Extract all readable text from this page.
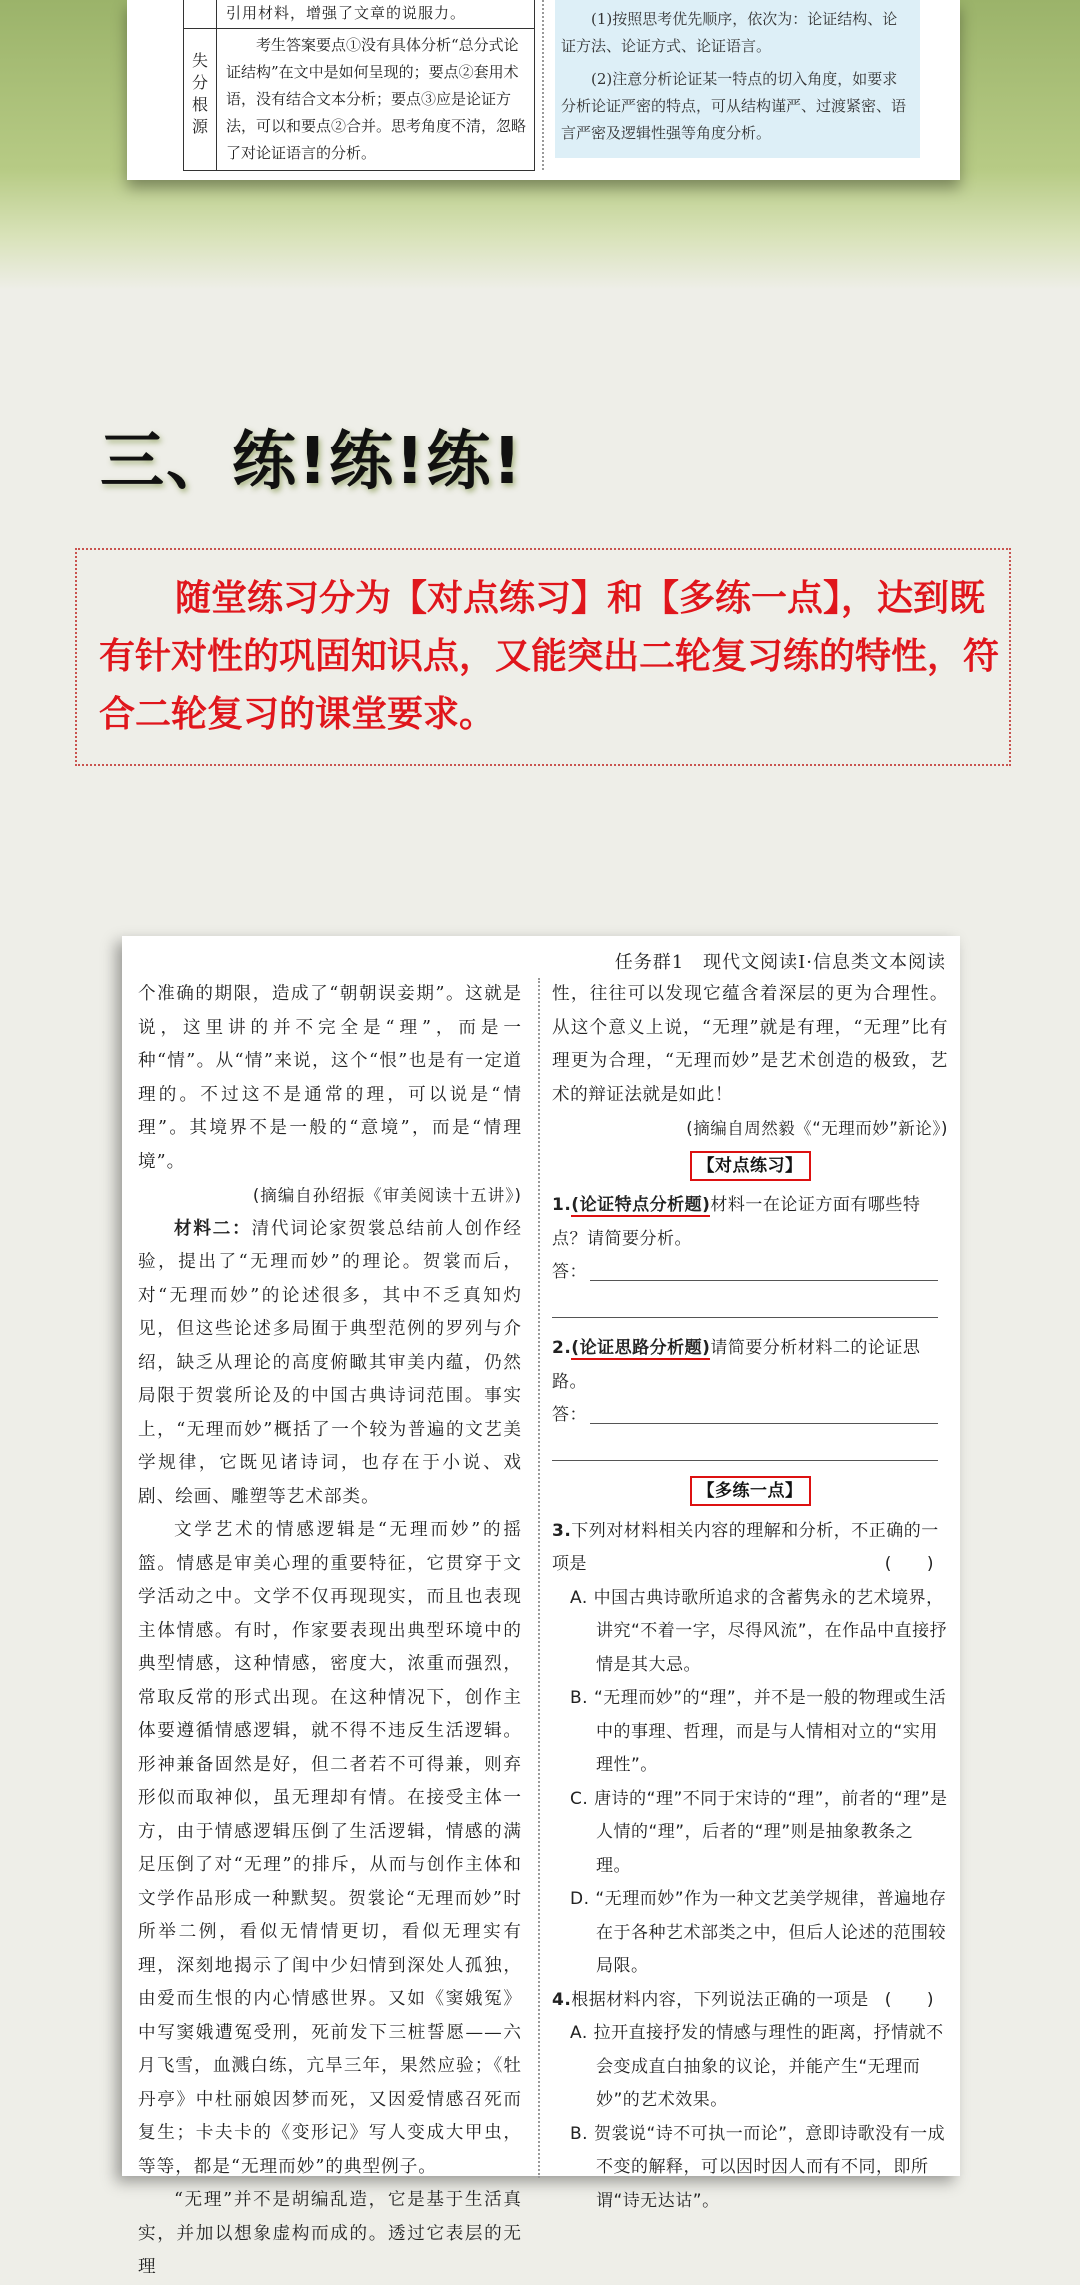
失分根源
引用材料，增强了文章的说服力。
考生答案要点①没有具体分析“总分式论证结构”在文中是如何呈现的；要点②套用术语，没有结合文本分析；要点③应是论证方法，可以和要点②合并。思考角度不清，忽略了对论证语言的分析。

(1)按照思考优先顺序，依次为：论证结构、论证方法、论证方式、论证语言。

(2)注意分析论证某一特点的切入角度，如要求分析论证严密的特点，可从结构谨严、过渡紧密、语言严密及逻辑性强等角度分析。

三、练!练!练!
随堂练习分为【对点练习】和【多练一点】，达到既有针对性的巩固知识点，又能突出二轮复习练的特性，符合二轮复习的课堂要求。
任务群1　现代文阅读Ⅰ·信息类文本阅读

个准确的期限，造成了“朝朝误妾期”。这就是说，这里讲的并不完全是“理”，而是一种“情”。从“情”来说，这个“恨”也是有一定道理的。不过这不是通常的理，可以说是“情理”。其境界不是一般的“意境”，而是“情理境”。

(摘编自孙绍振《审美阅读十五讲》)

材料二：清代词论家贺裳总结前人创作经验，提出了“无理而妙”的理论。贺裳而后，对“无理而妙”的论述很多，其中不乏真知灼见，但这些论述多局囿于典型范例的罗列与介绍，缺乏从理论的高度俯瞰其审美内蕴，仍然局限于贺裳所论及的中国古典诗词范围。事实上，“无理而妙”概括了一个较为普遍的文艺美学规律，它既见诸诗词，也存在于小说、戏剧、绘画、雕塑等艺术部类。

文学艺术的情感逻辑是“无理而妙”的摇篮。情感是审美心理的重要特征，它贯穿于文学活动之中。文学不仅再现现实，而且也表现主体情感。有时，作家要表现出典型环境中的典型情感，这种情感，密度大，浓重而强烈，常取反常的形式出现。在这种情况下，创作主体要遵循情感逻辑，就不得不违反生活逻辑。形神兼备固然是好，但二者若不可得兼，则弃形似而取神似，虽无理却有情。在接受主体一方，由于情感逻辑压倒了生活逻辑，情感的满足压倒了对“无理”的排斥，从而与创作主体和文学作品形成一种默契。贺裳论“无理而妙”时所举二例，看似无情情更切，看似无理实有理，深刻地揭示了闺中少妇情到深处人孤独，由爱而生恨的内心情感世界。又如《窦娥冤》中写窦娥遭冤受刑，死前发下三桩誓愿——六月飞雪，血溅白练，亢旱三年，果然应验；《牡丹亭》中杜丽娘因梦而死，又因爱情感召死而复生；卡夫卡的《变形记》写人变成大甲虫，等等，都是“无理而妙”的典型例子。

“无理”并不是胡编乱造，它是基于生活真实，并加以想象虚构而成的。透过它表层的无理

性，往往可以发现它蕴含着深层的更为合理性。从这个意义上说，“无理”就是有理，“无理”比有理更为合理，“无理而妙”是艺术创造的极致，艺术的辩证法就是如此！

(摘编自周然毅《“无理而妙”新论》)

【对点练习】
1.(论证特点分析题)材料一在论证方面有哪些特点？请简要分析。
答：
2.(论证思路分析题)请简要分析材料二的论证思路。
答：
【多练一点】
3.下列对材料相关内容的理解和分析，不正确的一项是	(　　)
A. 中国古典诗歌所追求的含蓄隽永的艺术境界，讲究“不着一字，尽得风流”，在作品中直接抒情是其大忌。
B. “无理而妙”的“理”，并不是一般的物理或生活中的事理、哲理，而是与人情相对立的“实用理性”。
C. 唐诗的“理”不同于宋诗的“理”，前者的“理”是人情的“理”，后者的“理”则是抽象教条之理。
D. “无理而妙”作为一种文艺美学规律，普遍地存在于各种艺术部类之中，但后人论述的范围较局限。
4.根据材料内容，下列说法正确的一项是 (　　)
A. 拉开直接抒发的情感与理性的距离，抒情就不会变成直白抽象的议论，并能产生“无理而妙”的艺术效果。
B. 贺裳说“诗不可执一而论”，意即诗歌没有一成不变的解释，可以因时因人而有不同，即所谓“诗无达诂”。
